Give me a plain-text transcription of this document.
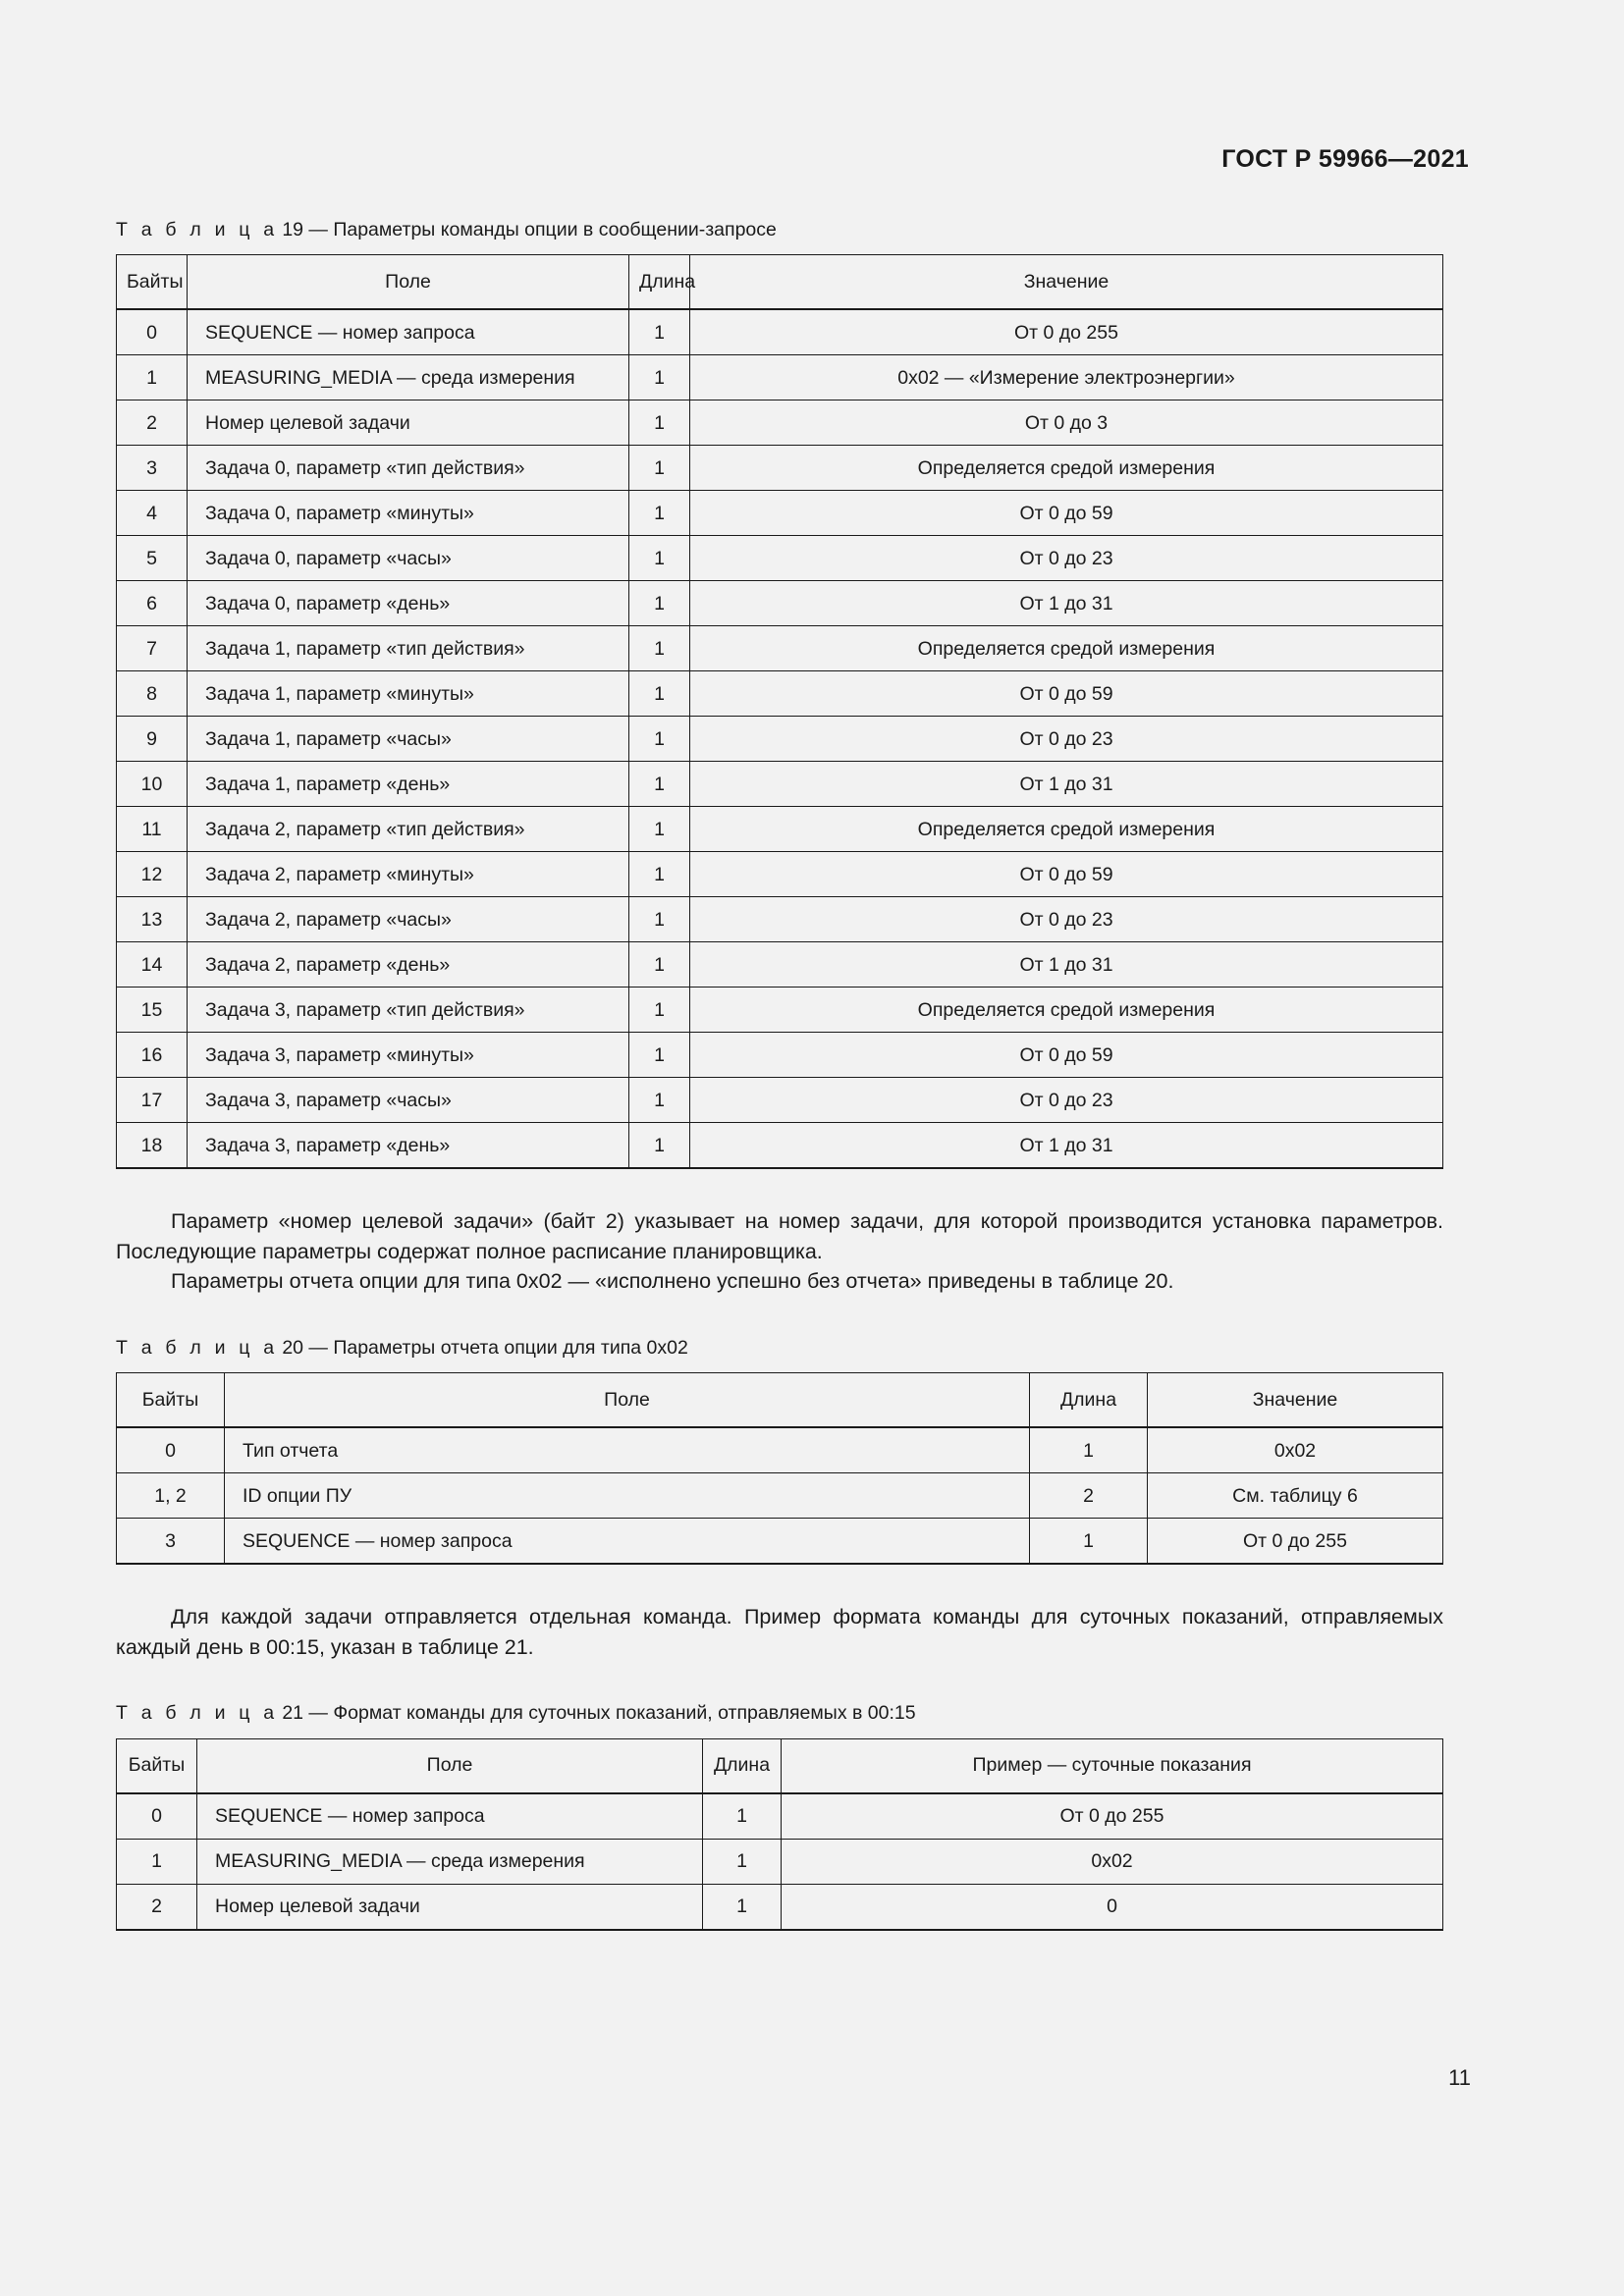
ГОСТ Р 59966—2021
Т а б л и ц а 19 — Параметры команды опции в сообщении-запросе
Байты	Поле	Длина	Значение
0	SEQUENCE — номер запроса	1	От 0 до 255
1	MEASURING_MEDIA — среда измерения	1	0x02 — «Измерение электроэнергии»
2	Номер целевой задачи	1	От 0 до 3
3	Задача 0, параметр «тип действия»	1	Определяется средой измерения
4	Задача 0, параметр «минуты»	1	От 0 до 59
5	Задача 0, параметр «часы»	1	От 0 до 23
6	Задача 0, параметр «день»	1	От 1 до 31
7	Задача 1, параметр «тип действия»	1	Определяется средой измерения
8	Задача 1, параметр «минуты»	1	От 0 до 59
9	Задача 1, параметр «часы»	1	От 0 до 23
10	Задача 1, параметр «день»	1	От 1 до 31
11	Задача 2, параметр «тип действия»	1	Определяется средой измерения
12	Задача 2, параметр «минуты»	1	От 0 до 59
13	Задача 2, параметр «часы»	1	От 0 до 23
14	Задача 2, параметр «день»	1	От 1 до 31
15	Задача 3, параметр «тип действия»	1	Определяется средой измерения
16	Задача 3, параметр «минуты»	1	От 0 до 59
17	Задача 3, параметр «часы»	1	От 0 до 23
18	Задача 3, параметр «день»	1	От 1 до 31

Параметр «номер целевой задачи» (байт 2) указывает на номер задачи, для которой производится установка параметров. Последующие параметры содержат полное расписание планировщика.

Параметры отчета опции для типа 0x02 — «исполнено успешно без отчета» приведены в таблице 20.

Т а б л и ц а 20 — Параметры отчета опции для типа 0x02
Байты	Поле	Длина	Значение
0	Тип отчета	1	0x02
1, 2	ID опции ПУ	2	См. таблицу 6
3	SEQUENCE — номер запроса	1	От 0 до 255

Для каждой задачи отправляется отдельная команда. Пример формата команды для суточных показаний, отправляемых каждый день в 00:15, указан в таблице 21.

Т а б л и ц а 21 — Формат команды для суточных показаний, отправляемых в 00:15
Байты	Поле	Длина	Пример — суточные показания
0	SEQUENCE — номер запроса	1	От 0 до 255
1	MEASURING_MEDIA — среда измерения	1	0x02
2	Номер целевой задачи	1	0
11
